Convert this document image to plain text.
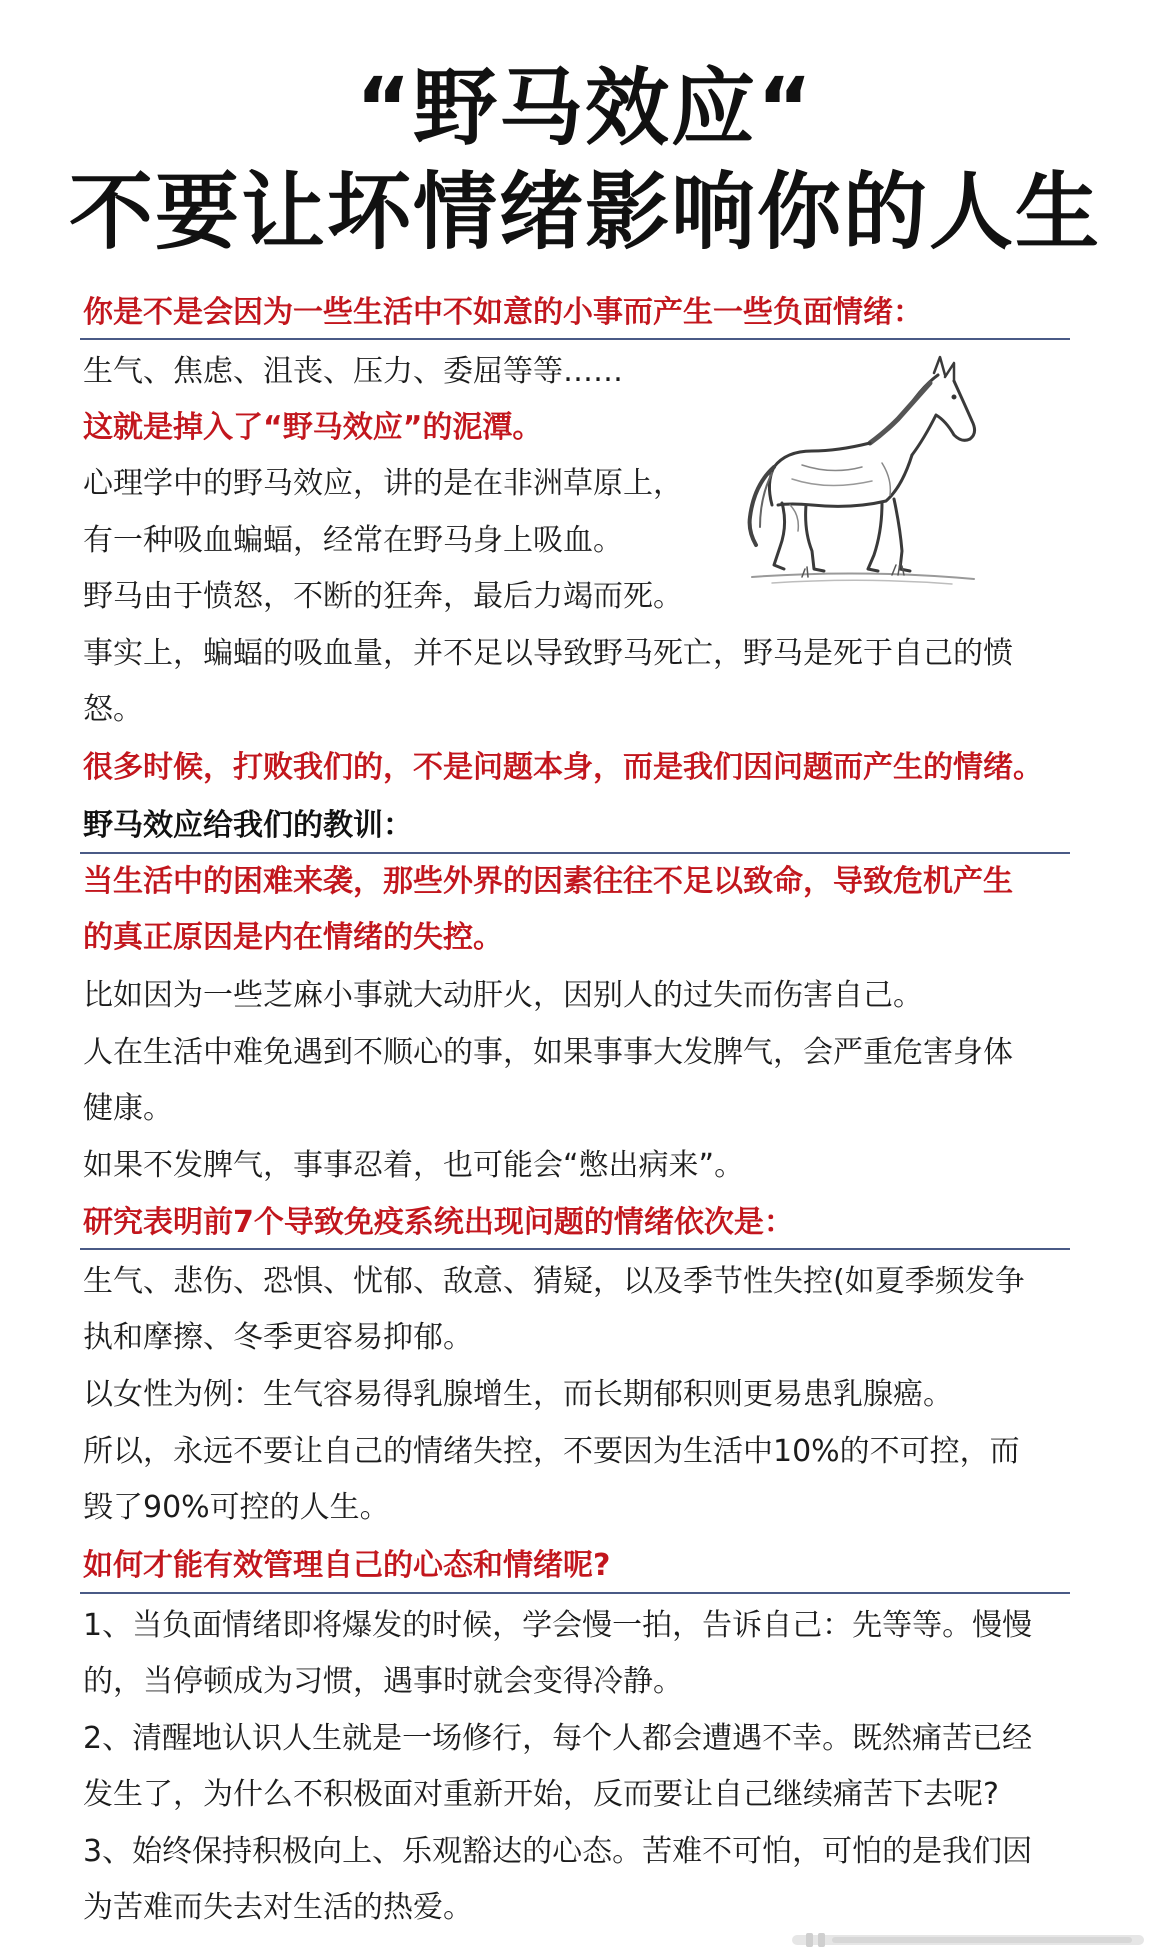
“野马效应“
不要让坏情绪影响你的人生
你是不是会因为一些生活中不如意的小事而产生一些负面情绪：
生气、焦虑、沮丧、压力、委屈等等……
这就是掉入了“野马效应”的泥潭。
心理学中的野马效应，讲的是在非洲草原上，
有一种吸血蝙蝠，经常在野马身上吸血。
野马由于愤怒，不断的狂奔，最后力竭而死。
事实上，蝙蝠的吸血量，并不足以导致野马死亡，野马是死于自己的愤
怒。
很多时候，打败我们的，不是问题本身，而是我们因问题而产生的情绪。
野马效应给我们的教训：
当生活中的困难来袭，那些外界的因素往往不足以致命，导致危机产生
的真正原因是内在情绪的失控。
比如因为一些芝麻小事就大动肝火，因别人的过失而伤害自己。
人在生活中难免遇到不顺心的事，如果事事大发脾气，会严重危害身体
健康。
如果不发脾气，事事忍着，也可能会“憋出病来”。
研究表明前7个导致免疫系统出现问题的情绪依次是：
生气、悲伤、恐惧、忧郁、敌意、猜疑，以及季节性失控(如夏季频发争
执和摩擦、冬季更容易抑郁。
以女性为例：生气容易得乳腺增生，而长期郁积则更易患乳腺癌。
所以，永远不要让自己的情绪失控，不要因为生活中10%的不可控，而
毁了90%可控的人生。
如何才能有效管理自己的心态和情绪呢?
1、当负面情绪即将爆发的时候，学会慢一拍，告诉自己：先等等。慢慢
的，当停顿成为习惯，遇事时就会变得冷静。
2、清醒地认识人生就是一场修行，每个人都会遭遇不幸。既然痛苦已经
发生了，为什么不积极面对重新开始，反而要让自己继续痛苦下去呢?
3、始终保持积极向上、乐观豁达的心态。苦难不可怕，可怕的是我们因
为苦难而失去对生活的热爱。
